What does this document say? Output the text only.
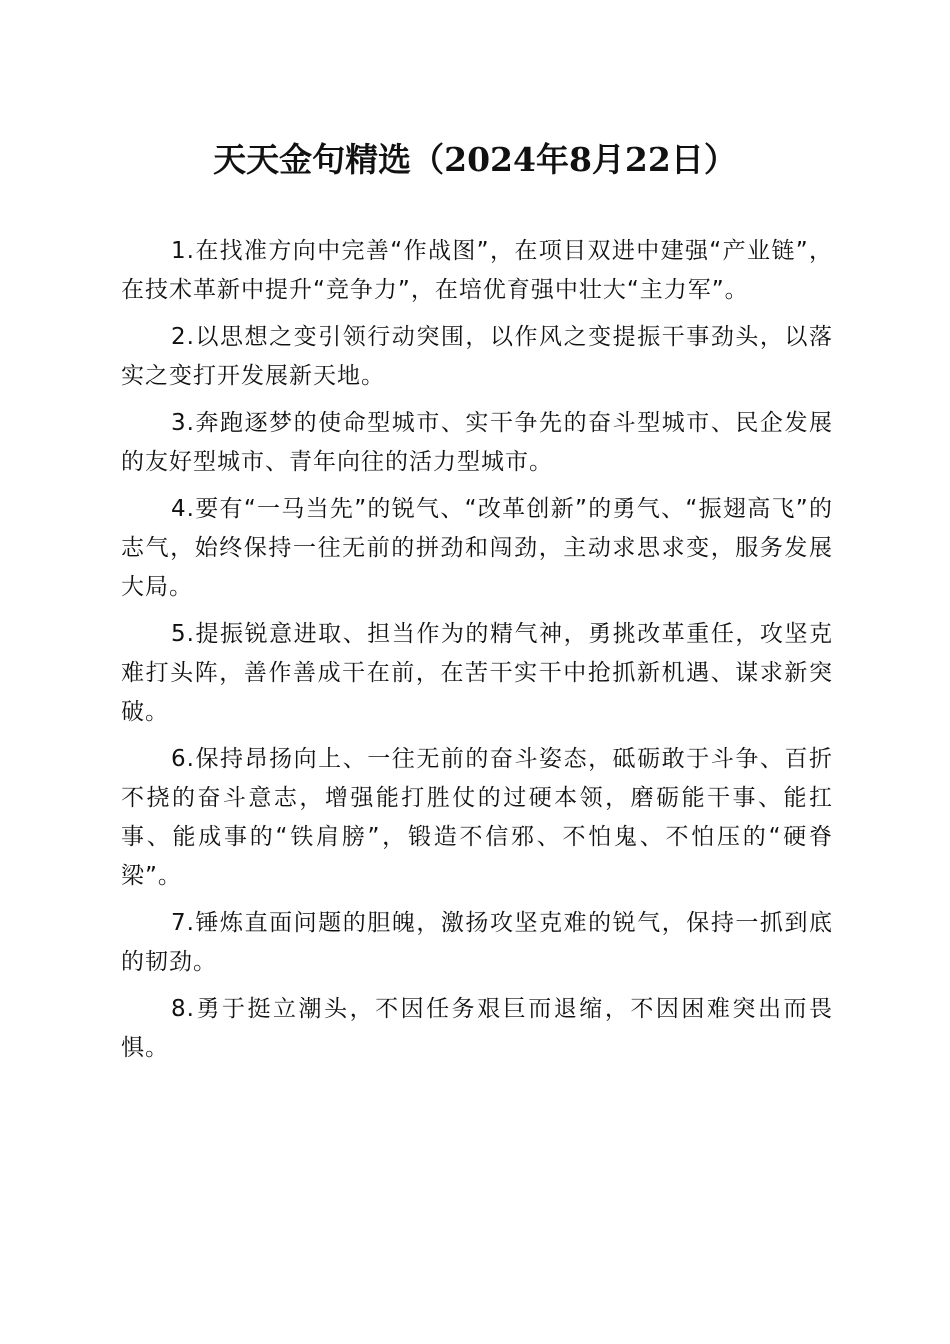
天天金句精选（2024年8月22日）

1.在找准方向中完善“作战图”，在项目双进中建强“产业链”，在技术革新中提升“竞争力”，在培优育强中壮大“主力军”。

2.以思想之变引领行动突围，以作风之变提振干事劲头，以落实之变打开发展新天地。

3.奔跑逐梦的使命型城市、实干争先的奋斗型城市、民企发展的友好型城市、青年向往的活力型城市。

4.要有“一马当先”的锐气、“改革创新”的勇气、“振翅高飞”的志气，始终保持一往无前的拼劲和闯劲，主动求思求变，服务发展大局。

5.提振锐意进取、担当作为的精气神，勇挑改革重任，攻坚克难打头阵，善作善成干在前，在苦干实干中抢抓新机遇、谋求新突破。

6.保持昂扬向上、一往无前的奋斗姿态，砥砺敢于斗争、百折不挠的奋斗意志，增强能打胜仗的过硬本领，磨砺能干事、能扛事、能成事的“铁肩膀”，锻造不信邪、不怕鬼、不怕压的“硬脊梁”。

7.锤炼直面问题的胆魄，激扬攻坚克难的锐气，保持一抓到底的韧劲。

8.勇于挺立潮头，不因任务艰巨而退缩，不因困难突出而畏惧。
